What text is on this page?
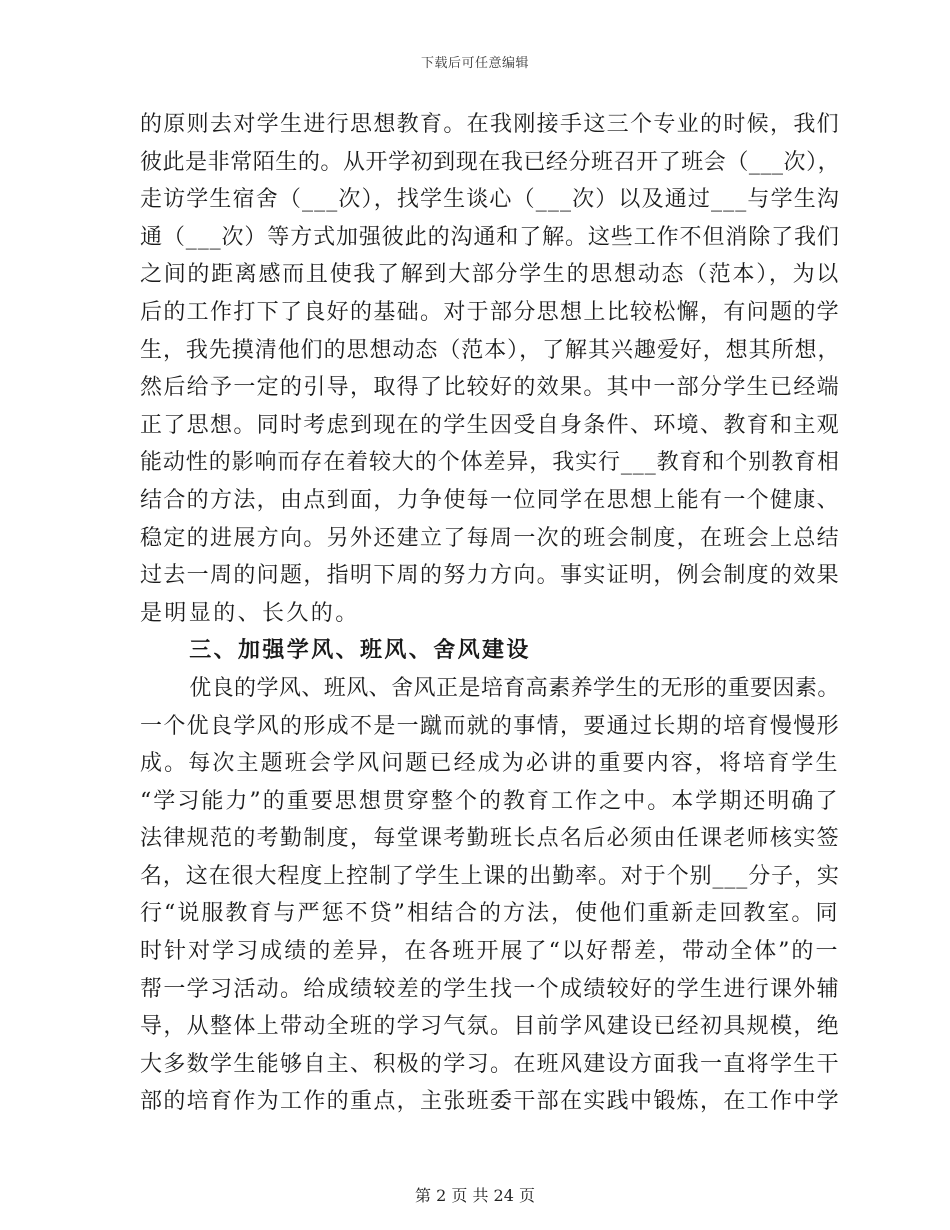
下载后可任意编辑
的原则去对学生进行思想教育。在我刚接手这三个专业的时候，我们
彼此是非常陌生的。从开学初到现在我已经分班召开了班会（___次），
走访学生宿舍（___次），找学生谈心（___次）以及通过___与学生沟
通（___次）等方式加强彼此的沟通和了解。这些工作不但消除了我们
之间的距离感而且使我了解到大部分学生的思想动态（范本），为以
后的工作打下了良好的基础。对于部分思想上比较松懈，有问题的学
生，我先摸清他们的思想动态（范本），了解其兴趣爱好，想其所想，
然后给予一定的引导，取得了比较好的效果。其中一部分学生已经端
正了思想。同时考虑到现在的学生因受自身条件、环境、教育和主观
能动性的影响而存在着较大的个体差异，我实行___教育和个别教育相
结合的方法，由点到面，力争使每一位同学在思想上能有一个健康、
稳定的进展方向。另外还建立了每周一次的班会制度，在班会上总结
过去一周的问题，指明下周的努力方向。事实证明，例会制度的效果
是明显的、长久的。
三、加强学风、班风、舍风建设
优良的学风、班风、舍风正是培育高素养学生的无形的重要因素。
一个优良学风的形成不是一蹴而就的事情，要通过长期的培育慢慢形
成。每次主题班会学风问题已经成为必讲的重要内容，将培育学生
“学习能力”的重要思想贯穿整个的教育工作之中。本学期还明确了
法律规范的考勤制度，每堂课考勤班长点名后必须由任课老师核实签
名，这在很大程度上控制了学生上课的出勤率。对于个别___分子，实
行“说服教育与严惩不贷”相结合的方法，使他们重新走回教室。同
时针对学习成绩的差异，在各班开展了“以好帮差，带动全体”的一
帮一学习活动。给成绩较差的学生找一个成绩较好的学生进行课外辅
导，从整体上带动全班的学习气氛。目前学风建设已经初具规模，绝
大多数学生能够自主、积极的学习。在班风建设方面我一直将学生干
部的培育作为工作的重点，主张班委干部在实践中锻炼，在工作中学
第 2 页 共 24 页
